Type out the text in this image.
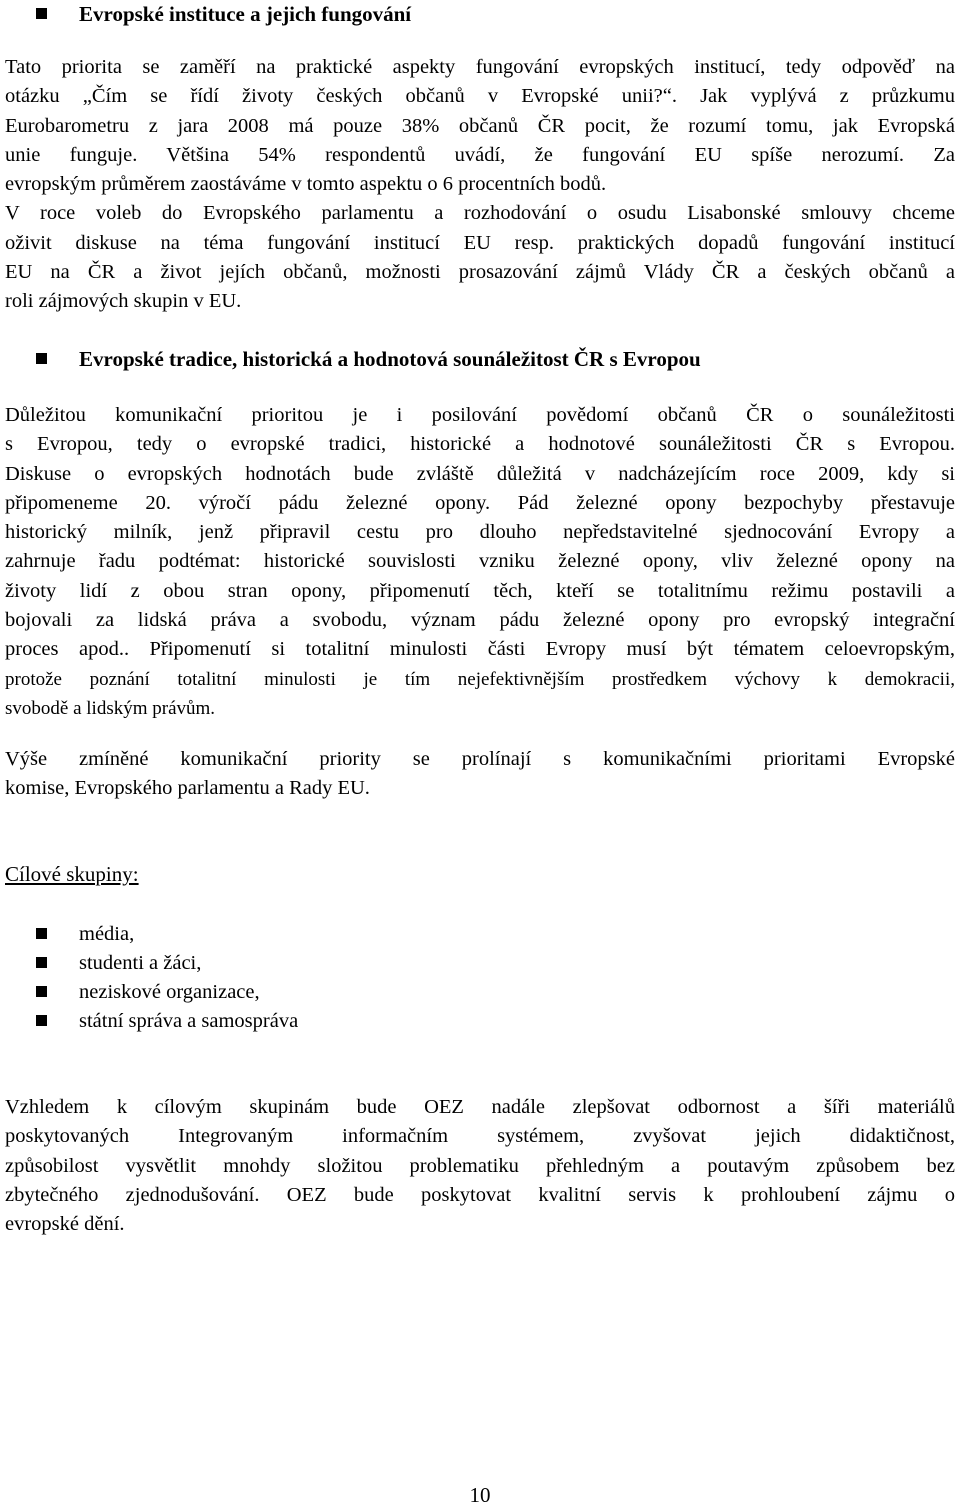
Evropské instituce a jejich fungování
Tato priorita se zaměří na praktické aspekty fungování evropských institucí, tedy odpověď na
otázku „Čím se řídí životy českých občanů v Evropské unii?“. Jak vyplývá z průzkumu
Eurobarometru z jara 2008 má pouze 38% občanů ČR pocit, že rozumí tomu, jak Evropská
unie funguje. Většina 54% respondentů uvádí, že fungování EU spíše nerozumí. Za
evropským průměrem zaostáváme v tomto aspektu o 6 procentních bodů.
V roce voleb do Evropského parlamentu a rozhodování o osudu Lisabonské smlouvy chceme
oživit diskuse na téma fungování institucí EU resp. praktických dopadů fungování institucí
EU na ČR a život jejích občanů, možnosti prosazování zájmů Vlády ČR a českých občanů a
roli zájmových skupin v EU.
Evropské tradice, historická a hodnotová sounáležitost ČR s Evropou
Důležitou komunikační prioritou je i posilování povědomí občanů ČR o sounáležitosti
s Evropou, tedy o evropské tradici, historické a hodnotové sounáležitosti ČR s Evropou.
Diskuse o evropských hodnotách bude zvláště důležitá v nadcházejícím roce 2009, kdy si
připomeneme 20. výročí pádu železné opony. Pád železné opony bezpochyby přestavuje
historický milník, jenž připravil cestu pro dlouho nepředstavitelné sjednocování Evropy a
zahrnuje řadu podtémat: historické souvislosti vzniku železné opony, vliv železné opony na
životy lidí z obou stran opony, připomenutí těch, kteří se totalitnímu režimu postavili a
bojovali za lidská práva a svobodu, význam pádu železné opony pro evropský integrační
proces apod.. Připomenutí si totalitní minulosti části Evropy musí být tématem celoevropským,
protože poznání totalitní minulosti je tím nejefektivnějším prostředkem výchovy k demokracii,
svobodě a lidským právům.
Výše zmíněné komunikační priority se prolínají s komunikačními prioritami Evropské
komise, Evropského parlamentu a Rady EU.
Cílové skupiny:
média,
studenti a žáci,
neziskové organizace,
státní správa a samospráva
Vzhledem k cílovým skupinám bude OEZ nadále zlepšovat odbornost a šíři materiálů
poskytovaných Integrovaným informačním systémem, zvyšovat jejich didaktičnost,
způsobilost vysvětlit mnohdy složitou problematiku přehledným a poutavým způsobem bez
zbytečného zjednodušování. OEZ bude poskytovat kvalitní servis k prohloubení zájmu o
evropské dění.
10
